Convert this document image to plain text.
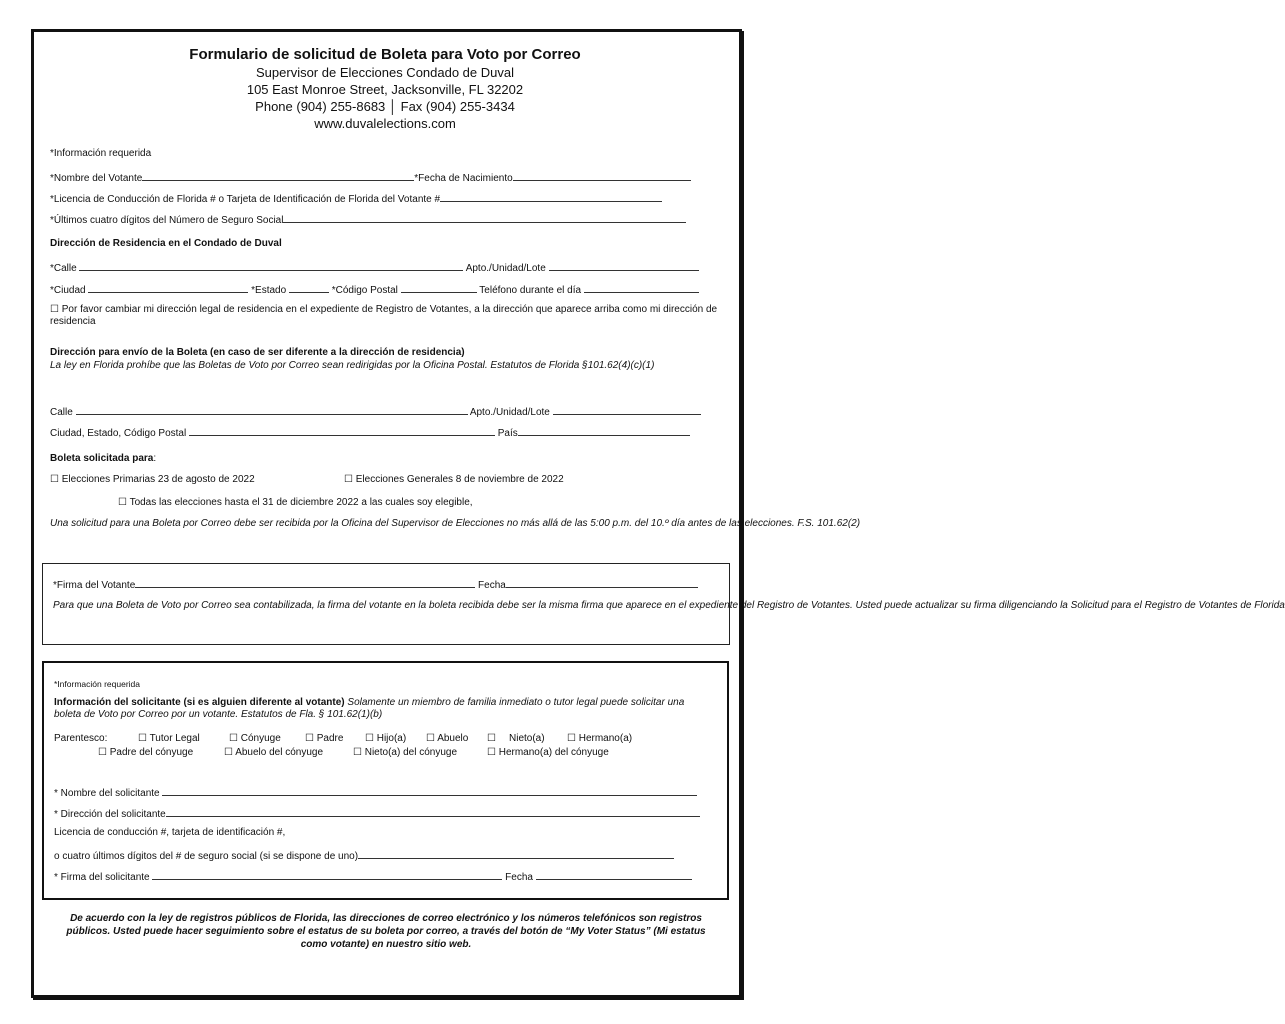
Formulario de solicitud de Boleta para Voto por Correo
Supervisor de Elecciones Condado de Duval
105 East Monroe Street, Jacksonville, FL 32202
Phone (904) 255-8683 │ Fax (904) 255-3434
www.duvalelections.com
*Información requerida
*Nombre del Votante	*Fecha de Nacimiento
*Licencia de Conducción de Florida # o Tarjeta de Identificación de Florida del Votante #
*Últimos cuatro dígitos del Número de Seguro Social
Dirección de Residencia en el Condado de Duval
*Calle	Apto./Unidad/Lote
*Ciudad	*Estado	*Código Postal	Teléfono durante el día
☐ Por favor cambiar mi dirección legal de residencia en el expediente de Registro de Votantes, a la dirección que aparece arriba como mi dirección de residencia
Dirección para envío de la Boleta (en caso de ser diferente a la dirección de residencia)
La ley en Florida prohíbe que las Boletas de Voto por Correo sean redirigidas por la Oficina Postal. Estatutos de Florida §101.62(4)(c)(1)
Calle	Apto./Unidad/Lote
Ciudad, Estado, Código Postal	País
Boleta solicitada para:
☐ Elecciones Primarias 23 de agosto de 2022	☐ Elecciones Generales 8 de noviembre de 2022
☐ Todas las elecciones hasta el 31 de diciembre 2022 a las cuales soy elegible,
Una solicitud para una Boleta por Correo debe ser recibida por la Oficina del Supervisor de Elecciones no más allá de las 5:00 p.m. del 10.º día antes de las elecciones. F.S. 101.62(2)
*Firma del Votante	Fecha
Para que una Boleta de Voto por Correo sea contabilizada, la firma del votante en la boleta recibida debe ser la misma firma que aparece en el expediente del Registro de Votantes. Usted puede actualizar su firma diligenciando la Solicitud para el Registro de Votantes de Florida
*Información requerida
Información del solicitante (si es alguien diferente al votante) Solamente un miembro de familia inmediato o tutor legal puede solicitar una boleta de Voto por Correo por un votante. Estatutos de Fla. § 101.62(1)(b)
Parentesco:	☐ Tutor Legal	☐ Cónyuge ☐ Padre ☐ Hijo(a) ☐ Abuelo ☐ Nieto(a) ☐ Hermano(a)
☐ Padre del cónyuge	☐ Abuelo del cónyuge	☐ Nieto(a) del cónyuge	☐ Hermano(a) del cónyuge
* Nombre del solicitante
* Dirección del solicitante
Licencia de conducción #, tarjeta de identificación #,
o cuatro últimos dígitos del # de seguro social (si se dispone de uno)
* Firma del solicitante	Fecha
De acuerdo con la ley de registros públicos de Florida, las direcciones de correo electrónico y los números telefónicos son registros públicos. Usted puede hacer seguimiento sobre el estatus de su boleta por correo, a través del botón de “My Voter Status” (Mi estatus como votante) en nuestro sitio web.
